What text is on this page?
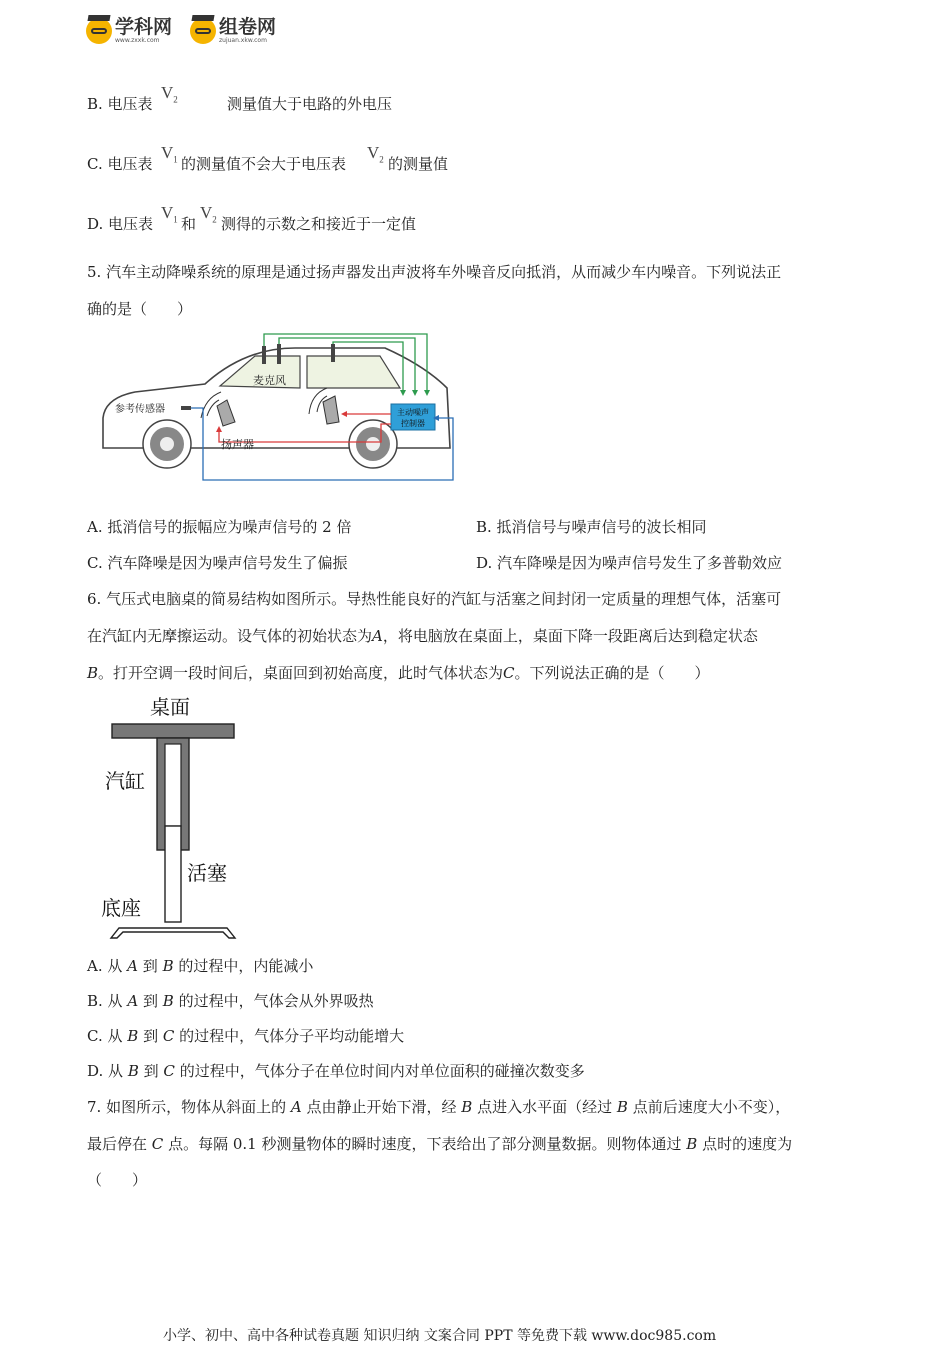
学科网
www.zxxk.com
组卷网
zujuan.xkw.com
B. 电压表
$V_2$	测量值大于电路的外电压
C. 电压表
$V_1$ 的测量值不会大于电压表
$V_2$ 的测量值
D. 电压表
$V_1$ 和
$V_2$ 测得的示数之和接近于一定值
5. 汽车主动降噪系统的原理是通过扬声器发出声波将车外噪音反向抵消，从而减少车内噪音。下列说法正
确的是（　　）
主动噪声
控制器
麦克风
参考传感器
扬声器
A. 抵消信号的振幅应为噪声信号的 2 倍	B. 抵消信号与噪声信号的波长相同
C. 汽车降噪是因为噪声信号发生了偏振	D. 汽车降噪是因为噪声信号发生了多普勒效应
6. 气压式电脑桌的简易结构如图所示。导热性能良好的汽缸与活塞之间封闭一定质量的理想气体，活塞可
在汽缸内无摩擦运动。设气体的初始状态为A，将电脑放在桌面上，桌面下降一段距离后达到稳定状态
B。打开空调一段时间后，桌面回到初始高度，此时气体状态为C。下列说法正确的是（　　）
桌面
汽缸
活塞
底座
A. 从 A 到 B 的过程中，内能减小
B. 从 A 到 B 的过程中，气体会从外界吸热
C. 从 B 到 C 的过程中，气体分子平均动能增大
D. 从 B 到 C 的过程中，气体分子在单位时间内对单位面积的碰撞次数变多
7. 如图所示，物体从斜面上的 A 点由静止开始下滑，经 B 点进入水平面（经过 B 点前后速度大小不变），
最后停在 C 点。每隔 0.1 秒测量物体的瞬时速度，下表给出了部分测量数据。则物体通过 B 点时的速度为
（　　）
小学、初中、高中各种试卷真题 知识归纳 文案合同 PPT 等免费下载 www.doc985.com
